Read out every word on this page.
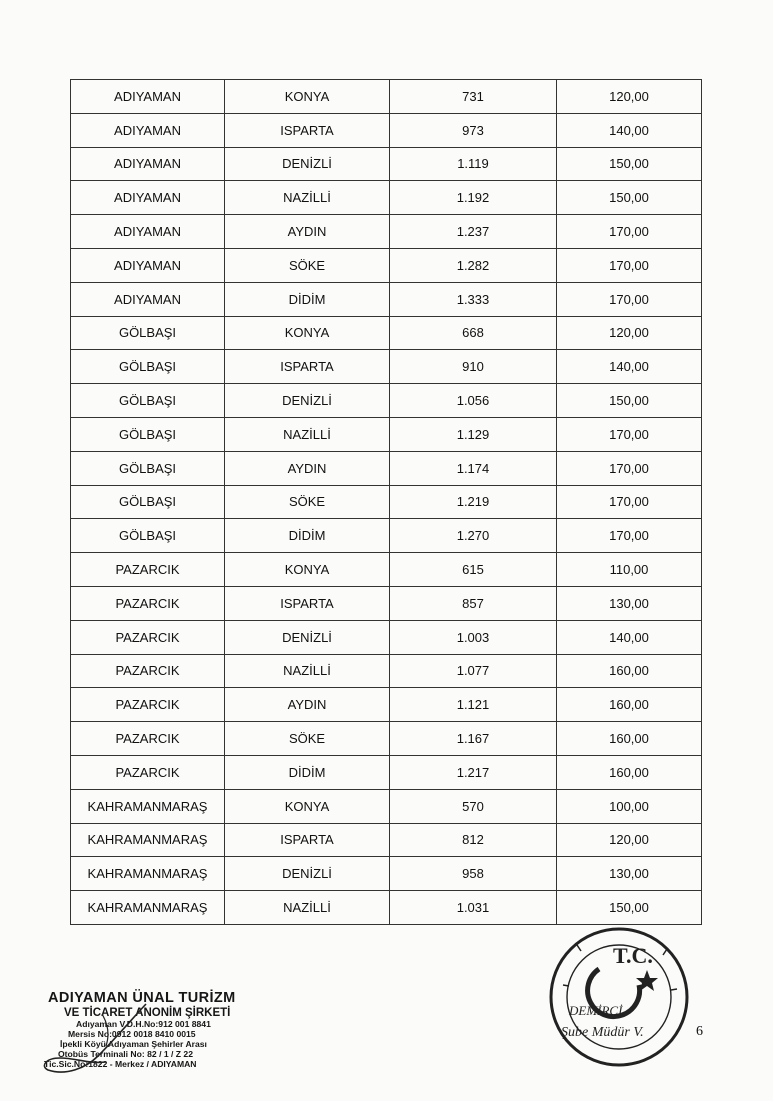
ADIYAMAN	KONYA	731	120,00
ADIYAMAN	ISPARTA	973	140,00
ADIYAMAN	DENİZLİ	1.119	150,00
ADIYAMAN	NAZİLLİ	1.192	150,00
ADIYAMAN	AYDIN	1.237	170,00
ADIYAMAN	SÖKE	1.282	170,00
ADIYAMAN	DİDİM	1.333	170,00
GÖLBAŞI	KONYA	668	120,00
GÖLBAŞI	ISPARTA	910	140,00
GÖLBAŞI	DENİZLİ	1.056	150,00
GÖLBAŞI	NAZİLLİ	1.129	170,00
GÖLBAŞI	AYDIN	1.174	170,00
GÖLBAŞI	SÖKE	1.219	170,00
GÖLBAŞI	DİDİM	1.270	170,00
PAZARCIK	KONYA	615	110,00
PAZARCIK	ISPARTA	857	130,00
PAZARCIK	DENİZLİ	1.003	140,00
PAZARCIK	NAZİLLİ	1.077	160,00
PAZARCIK	AYDIN	1.121	160,00
PAZARCIK	SÖKE	1.167	160,00
PAZARCIK	DİDİM	1.217	160,00
KAHRAMANMARAŞ	KONYA	570	100,00
KAHRAMANMARAŞ	ISPARTA	812	120,00
KAHRAMANMARAŞ	DENİZLİ	958	130,00
KAHRAMANMARAŞ	NAZİLLİ	1.031	150,00
ADIYAMAN ÜNAL TURİZM
VE TİCARET ANONİM ŞİRKETİ
Adıyaman V.D.H.No:912 001 8841
Mersis No:0912 0018 8410 0015
İpekli Köyü Adıyaman Şehirler Arası
Otobüs Terminali No: 82 / 1 / Z 22
Tic.Sic.No:1822 - Merkez / ADIYAMAN
T.C.
DEMİRCİ
Şube Müdür V.	6
